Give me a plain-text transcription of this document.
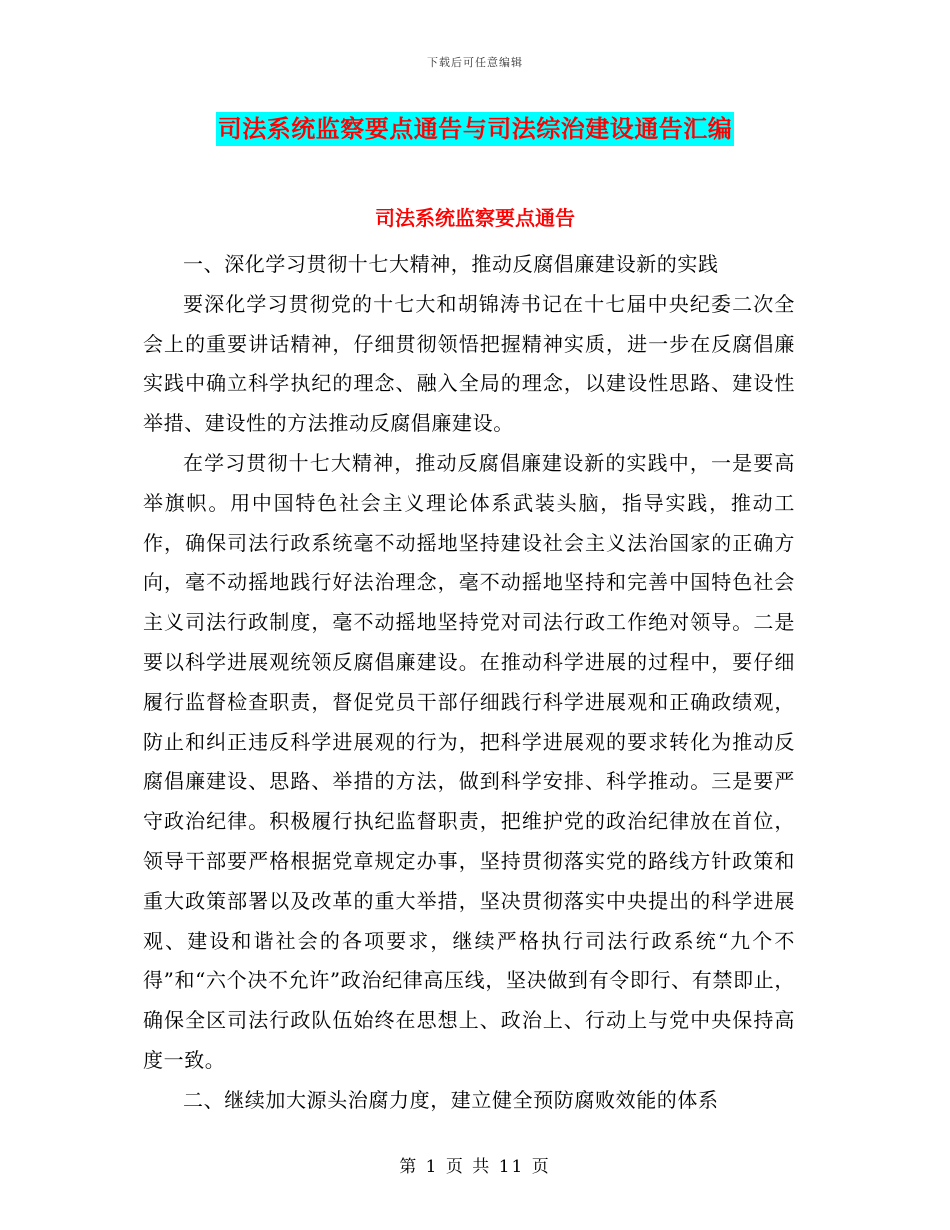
下载后可任意编辑
司法系统监察要点通告与司法综治建设通告汇编
司法系统监察要点通告

一、深化学习贯彻十七大精神，推动反腐倡廉建设新的实践

要深化学习贯彻党的十七大和胡锦涛书记在十七届中央纪委二次全会上的重要讲话精神，仔细贯彻领悟把握精神实质，进一步在反腐倡廉实践中确立科学执纪的理念、融入全局的理念，以建设性思路、建设性举措、建设性的方法推动反腐倡廉建设。

在学习贯彻十七大精神，推动反腐倡廉建设新的实践中，一是要高举旗帜。用中国特色社会主义理论体系武装头脑，指导实践，推动工作，确保司法行政系统毫不动摇地坚持建设社会主义法治国家的正确方向，毫不动摇地践行好法治理念，毫不动摇地坚持和完善中国特色社会主义司法行政制度，毫不动摇地坚持党对司法行政工作绝对领导。二是要以科学进展观统领反腐倡廉建设。在推动科学进展的过程中，要仔细履行监督检查职责，督促党员干部仔细践行科学进展观和正确政绩观，防止和纠正违反科学进展观的行为，把科学进展观的要求转化为推动反腐倡廉建设、思路、举措的方法，做到科学安排、科学推动。三是要严守政治纪律。积极履行执纪监督职责，把维护党的政治纪律放在首位，领导干部要严格根据党章规定办事，坚持贯彻落实党的路线方针政策和重大政策部署以及改革的重大举措，坚决贯彻落实中央提出的科学进展观、建设和谐社会的各项要求，继续严格执行司法行政系统“九个不得”和“六个决不允许”政治纪律高压线，坚决做到有令即行、有禁即止，确保全区司法行政队伍始终在思想上、政治上、行动上与党中央保持高度一致。

二、继续加大源头治腐力度，建立健全预防腐败效能的体系

第 1 页 共 11 页
